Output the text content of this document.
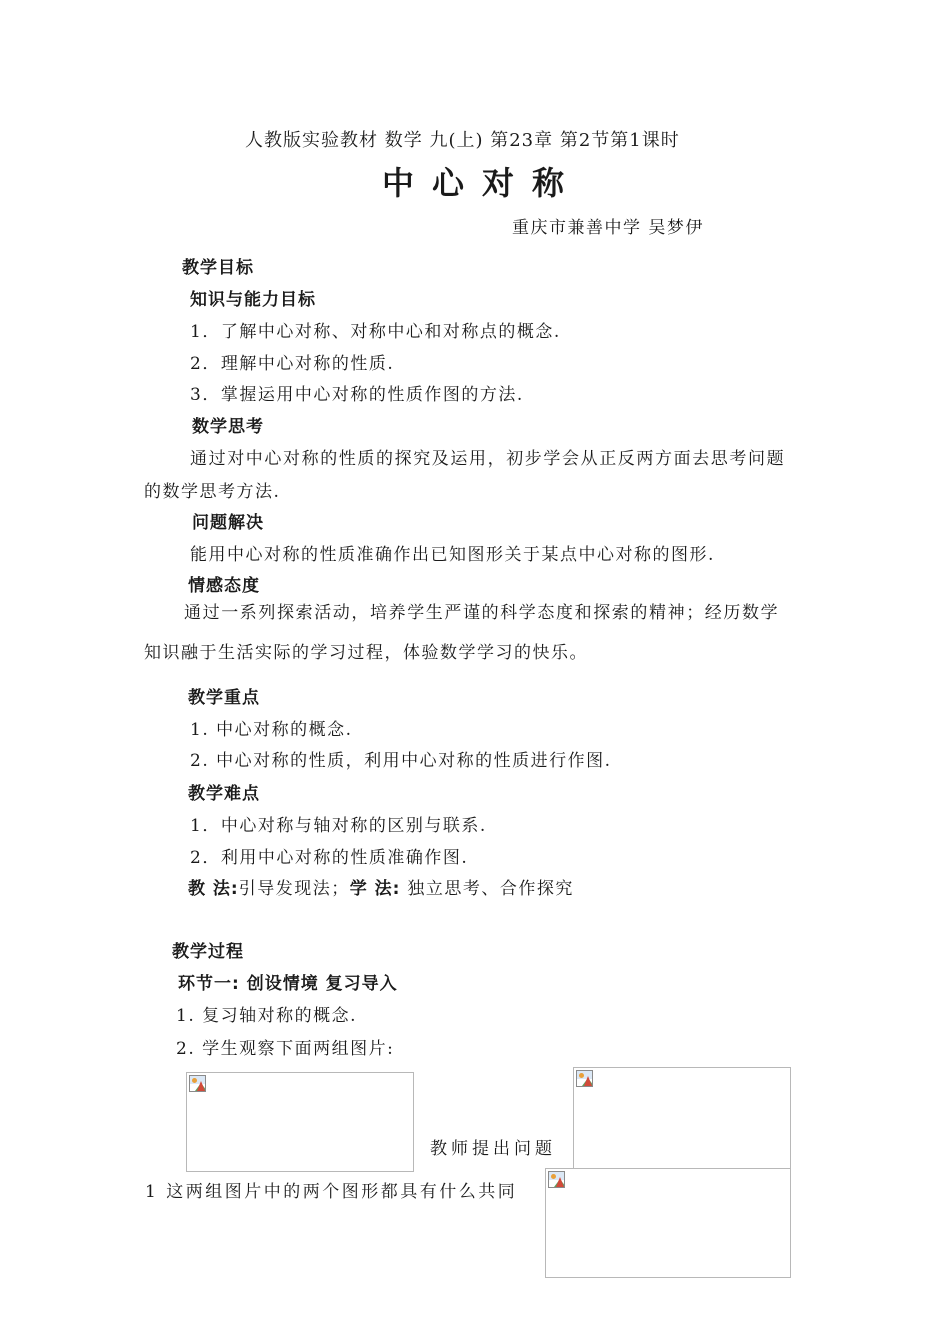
人教版实验教材 数学 九(上) 第23章 第2节第1课时
中心对称
重庆市兼善中学 吴梦伊
教学目标
知识与能力目标
1．了解中心对称、对称中心和对称点的概念.
2．理解中心对称的性质.
3．掌握运用中心对称的性质作图的方法.
数学思考
通过对中心对称的性质的探究及运用，初步学会从正反两方面去思考问题
的数学思考方法.
问题解决
能用中心对称的性质准确作出已知图形关于某点中心对称的图形.
情感态度
通过一系列探索活动，培养学生严谨的科学态度和探索的精神；经历数学
知识融于生活实际的学习过程，体验数学学习的快乐。
教学重点
1. 中心对称的概念.
2. 中心对称的性质，利用中心对称的性质进行作图.
教学难点
1．中心对称与轴对称的区别与联系.
2．利用中心对称的性质准确作图.
教 法:引导发现法；学 法: 独立思考、合作探究
教学过程
环节一: 创设情境 复习导入
1. 复习轴对称的概念.
2. 学生观察下面两组图片:
教师提出问题
1 这两组图片中的两个图形都具有什么共同
